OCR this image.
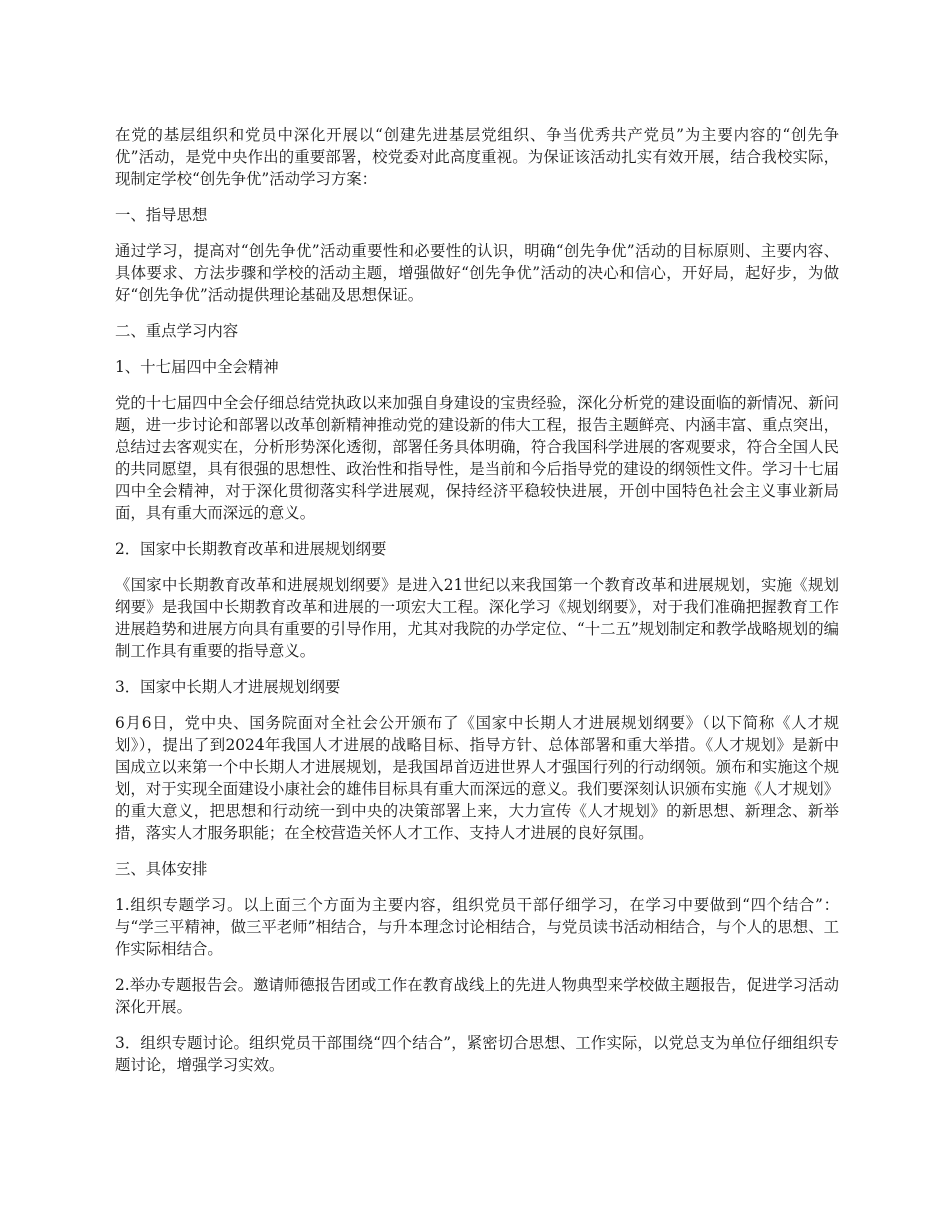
在党的基层组织和党员中深化开展以“创建先进基层党组织、争当优秀共产党员”为主要内容的“创先争优”活动，是党中央作出的重要部署，校党委对此高度重视。为保证该活动扎实有效开展，结合我校实际，现制定学校“创先争优”活动学习方案：

一、指导思想

通过学习，提高对“创先争优”活动重要性和必要性的认识，明确“创先争优”活动的目标原则、主要内容、具体要求、方法步骤和学校的活动主题，增强做好“创先争优”活动的决心和信心，开好局，起好步，为做好“创先争优”活动提供理论基础及思想保证。

二、重点学习内容

1、十七届四中全会精神

党的十七届四中全会仔细总结党执政以来加强自身建设的宝贵经验，深化分析党的建设面临的新情况、新问题，进一步讨论和部署以改革创新精神推动党的建设新的伟大工程，报告主题鲜亮、内涵丰富、重点突出，总结过去客观实在，分析形势深化透彻，部署任务具体明确，符合我国科学进展的客观要求，符合全国人民的共同愿望，具有很强的思想性、政治性和指导性，是当前和今后指导党的建设的纲领性文件。学习十七届四中全会精神，对于深化贯彻落实科学进展观，保持经济平稳较快进展，开创中国特色社会主义事业新局面，具有重大而深远的意义。

2．国家中长期教育改革和进展规划纲要

《国家中长期教育改革和进展规划纲要》是进入21世纪以来我国第一个教育改革和进展规划，实施《规划纲要》是我国中长期教育改革和进展的一项宏大工程。深化学习《规划纲要》，对于我们准确把握教育工作进展趋势和进展方向具有重要的引导作用，尤其对我院的办学定位、“十二五”规划制定和教学战略规划的编制工作具有重要的指导意义。

3．国家中长期人才进展规划纲要

6月6日，党中央、国务院面对全社会公开颁布了《国家中长期人才进展规划纲要》（以下简称《人才规划》），提出了到2024年我国人才进展的战略目标、指导方针、总体部署和重大举措。《人才规划》是新中国成立以来第一个中长期人才进展规划，是我国昂首迈进世界人才强国行列的行动纲领。颁布和实施这个规划，对于实现全面建设小康社会的雄伟目标具有重大而深远的意义。我们要深刻认识颁布实施《人才规划》的重大意义，把思想和行动统一到中央的决策部署上来，大力宣传《人才规划》的新思想、新理念、新举措，落实人才服务职能；在全校营造关怀人才工作、支持人才进展的良好氛围。

三、具体安排

1.组织专题学习。以上面三个方面为主要内容，组织党员干部仔细学习，在学习中要做到“四个结合”：与“学三平精神，做三平老师”相结合，与升本理念讨论相结合，与党员读书活动相结合，与个人的思想、工作实际相结合。

2.举办专题报告会。邀请师德报告团或工作在教育战线上的先进人物典型来学校做主题报告，促进学习活动深化开展。

3．组织专题讨论。组织党员干部围绕“四个结合”，紧密切合思想、工作实际，以党总支为单位仔细组织专题讨论，增强学习实效。
